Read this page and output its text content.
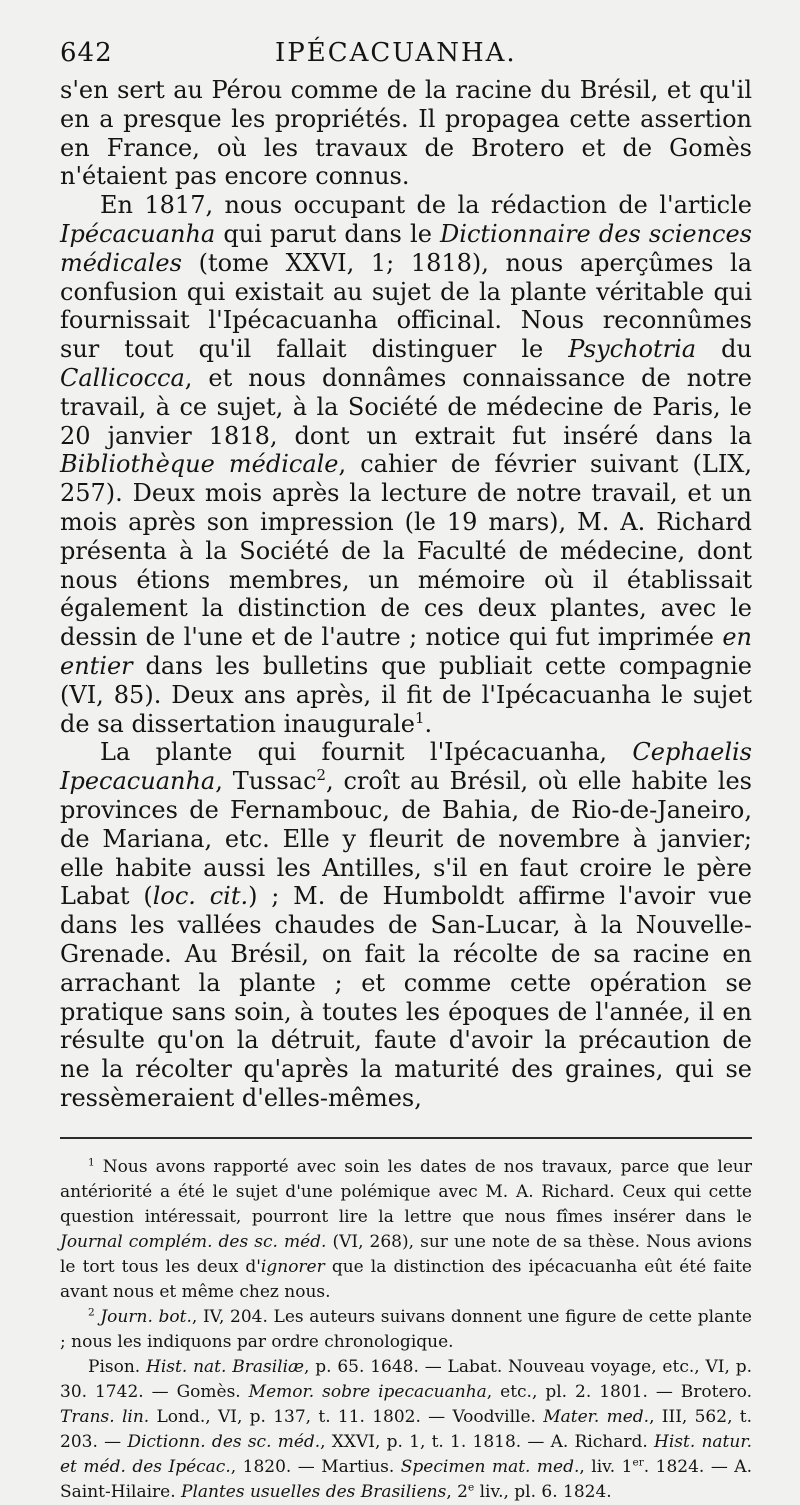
642	IPÉCACUANHA.

s'en sert au Pérou comme de la racine du Brésil, et qu'il en a presque les propriétés. Il propagea cette assertion en France, où les travaux de Brotero et de Gomès n'étaient pas encore connus.

En 1817, nous occupant de la rédaction de l'article Ipécacuanha qui parut dans le Dictionnaire des sciences médicales (tome XXVI, 1; 1818), nous aperçûmes la confusion qui existait au sujet de la plante véritable qui fournissait l'Ipécacuanha officinal. Nous reconnûmes sur tout qu'il fallait distinguer le Psychotria du Callicocca, et nous donnâmes connaissance de notre travail, à ce sujet, à la Société de médecine de Paris, le 20 janvier 1818, dont un extrait fut inséré dans la Bibliothèque médicale, cahier de février suivant (LIX, 257). Deux mois après la lecture de notre travail, et un mois après son impression (le 19 mars), M. A. Richard présenta à la Société de la Faculté de médecine, dont nous étions membres, un mémoire où il établissait également la distinction de ces deux plantes, avec le dessin de l'une et de l'autre ; notice qui fut imprimée en entier dans les bulletins que publiait cette compagnie (VI, 85). Deux ans après, il fit de l'Ipécacuanha le sujet de sa dissertation inaugurale$^1$.

La plante qui fournit l'Ipécacuanha, Cephaelis Ipecacuanha, Tussac$^2$, croît au Brésil, où elle habite les provinces de Fernambouc, de Bahia, de Rio-de-Janeiro, de Mariana, etc. Elle y fleurit de novembre à janvier; elle habite aussi les Antilles, s'il en faut croire le père Labat (loc. cit.) ; M. de Humboldt affirme l'avoir vue dans les vallées chaudes de San-Lucar, à la Nouvelle-Grenade. Au Brésil, on fait la récolte de sa racine en arrachant la plante ; et comme cette opération se pratique sans soin, à toutes les époques de l'année, il en résulte qu'on la détruit, faute d'avoir la précaution de ne la récolter qu'après la maturité des graines, qui se ressèmeraient d'elles-mêmes,

$^1$ Nous avons rapporté avec soin les dates de nos travaux, parce que leur antériorité a été le sujet d'une polémique avec M. A. Richard. Ceux qui cette question intéressait, pourront lire la lettre que nous fîmes insérer dans le Journal complém. des sc. méd. (VI, 268), sur une note de sa thèse. Nous avions le tort tous les deux d'ignorer que la distinction des ipécacuanha eût été faite avant nous et même chez nous.

$^2$ Journ. bot., IV, 204. Les auteurs suivans donnent une figure de cette plante ; nous les indiquons par ordre chronologique.

Pison. Hist. nat. Brasiliæ, p. 65. 1648. — Labat. Nouveau voyage, etc., VI, p. 30. 1742. — Gomès. Memor. sobre ipecacuanha, etc., pl. 2. 1801. — Brotero. Trans. lin. Lond., VI, p. 137, t. 11. 1802. — Voodville. Mater. med., III, 562, t. 203. — Dictionn. des sc. méd., XXVI, p. 1, t. 1. 1818. — A. Richard. Hist. natur. et méd. des Ipécac., 1820. — Martius. Specimen mat. med., liv. 1er. 1824. — A. Saint-Hilaire. Plantes usuelles des Brasiliens, 2e liv., pl. 6. 1824.
